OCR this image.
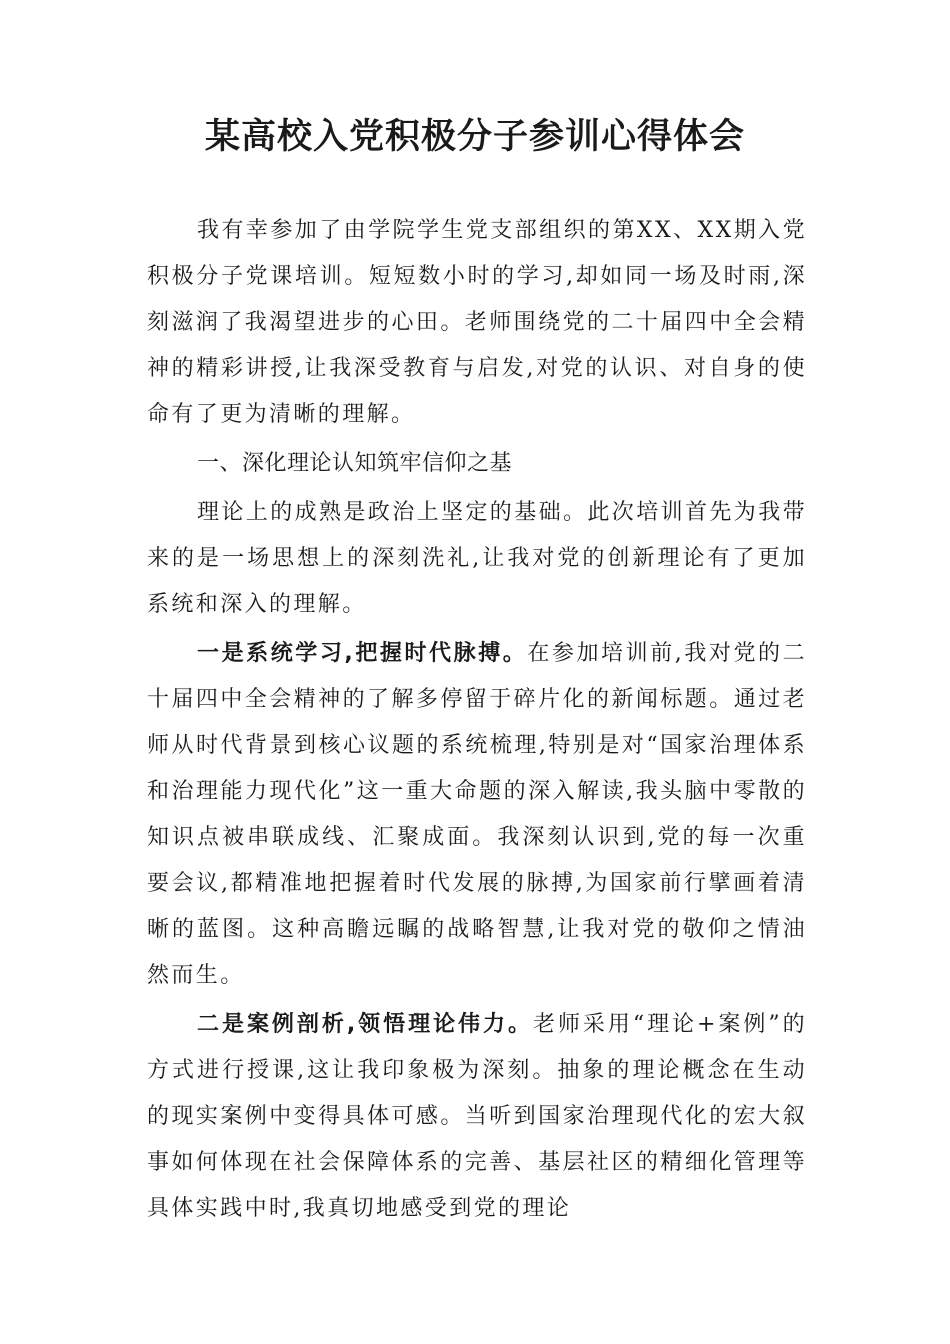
某高校入党积极分子参训心得体会

我有幸参加了由学院学生党支部组织的第XX、XX期入党积极分子党课培训。短短数小时的学习,却如同一场及时雨,深刻滋润了我渴望进步的心田。老师围绕党的二十届四中全会精神的精彩讲授,让我深受教育与启发,对党的认识、对自身的使命有了更为清晰的理解。

一、深化理论认知筑牢信仰之基

理论上的成熟是政治上坚定的基础。此次培训首先为我带来的是一场思想上的深刻洗礼,让我对党的创新理论有了更加系统和深入的理解。

一是系统学习,把握时代脉搏。在参加培训前,我对党的二十届四中全会精神的了解多停留于碎片化的新闻标题。通过老师从时代背景到核心议题的系统梳理,特别是对“国家治理体系和治理能力现代化”这一重大命题的深入解读,我头脑中零散的知识点被串联成线、汇聚成面。我深刻认识到,党的每一次重要会议,都精准地把握着时代发展的脉搏,为国家前行擘画着清晰的蓝图。这种高瞻远瞩的战略智慧,让我对党的敬仰之情油然而生。

二是案例剖析,领悟理论伟力。老师采用“理论+案例”的方式进行授课,这让我印象极为深刻。抽象的理论概念在生动的现实案例中变得具体可感。当听到国家治理现代化的宏大叙事如何体现在社会保障体系的完善、基层社区的精细化管理等具体实践中时,我真切地感受到党的理论
